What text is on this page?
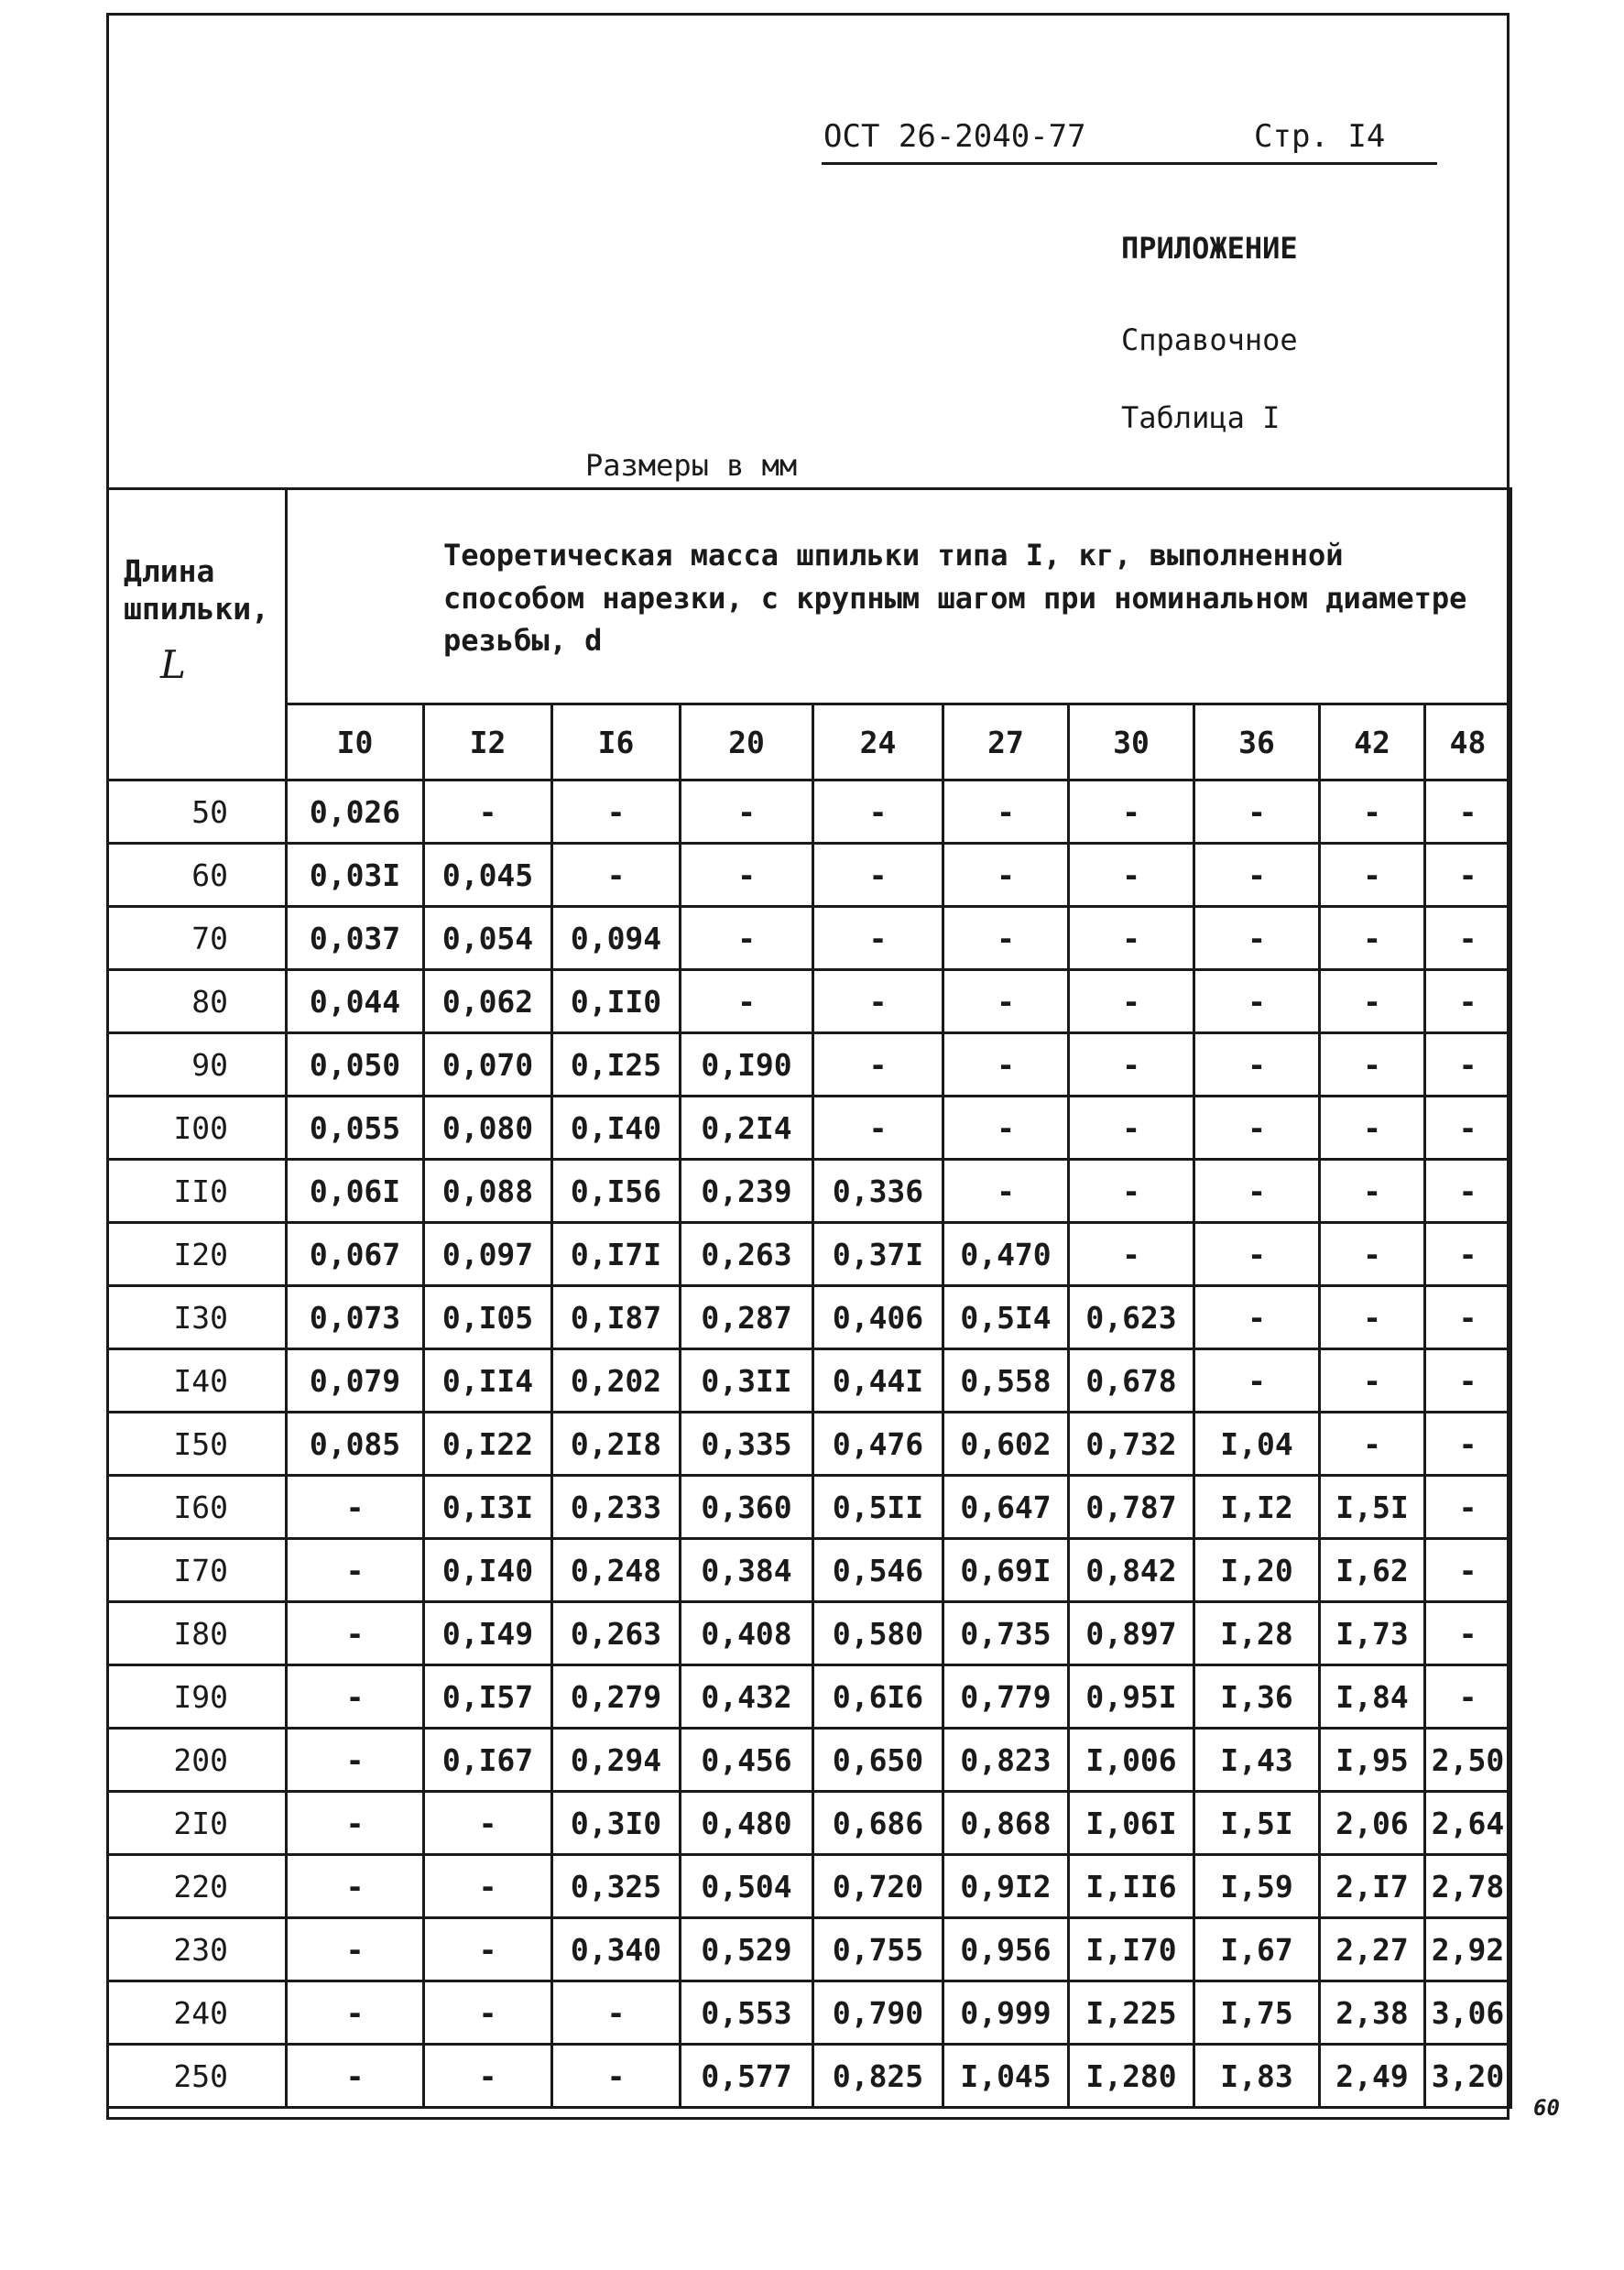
ОСТ 26-2040-77	Стр. I4
ПРИЛОЖЕНИЕ
Справочное
Таблица I
Размеры в мм
Длина шпильки,
L	Теоретическая масса шпильки типа I, кг, выполненной способом нарезки, с крупным шагом при номинальном диаметре резьбы, d									
	I0	I2	I6	20	24	27	30	36	42	48
50	0,026	-	-	-	-	-	-	-	-	-
60	0,03I	0,045	-	-	-	-	-	-	-	-
70	0,037	0,054	0,094	-	-	-	-	-	-	-
80	0,044	0,062	0,II0	-	-	-	-	-	-	-
90	0,050	0,070	0,I25	0,I90	-	-	-	-	-	-
I00	0,055	0,080	0,I40	0,2I4	-	-	-	-	-	-
II0	0,06I	0,088	0,I56	0,239	0,336	-	-	-	-	-
I20	0,067	0,097	0,I7I	0,263	0,37I	0,470	-	-	-	-
I30	0,073	0,I05	0,I87	0,287	0,406	0,5I4	0,623	-	-	-
I40	0,079	0,II4	0,202	0,3II	0,44I	0,558	0,678	-	-	-
I50	0,085	0,I22	0,2I8	0,335	0,476	0,602	0,732	I,04	-	-
I60	-	0,I3I	0,233	0,360	0,5II	0,647	0,787	I,I2	I,5I	-
I70	-	0,I40	0,248	0,384	0,546	0,69I	0,842	I,20	I,62	-
I80	-	0,I49	0,263	0,408	0,580	0,735	0,897	I,28	I,73	-
I90	-	0,I57	0,279	0,432	0,6I6	0,779	0,95I	I,36	I,84	-
200	-	0,I67	0,294	0,456	0,650	0,823	I,006	I,43	I,95	2,50
2I0	-	-	0,3I0	0,480	0,686	0,868	I,06I	I,5I	2,06	2,64
220	-	-	0,325	0,504	0,720	0,9I2	I,II6	I,59	2,I7	2,78
230	-	-	0,340	0,529	0,755	0,956	I,I70	I,67	2,27	2,92
240	-	-	-	0,553	0,790	0,999	I,225	I,75	2,38	3,06
250	-	-	-	0,577	0,825	I,045	I,280	I,83	2,49	3,20
60
